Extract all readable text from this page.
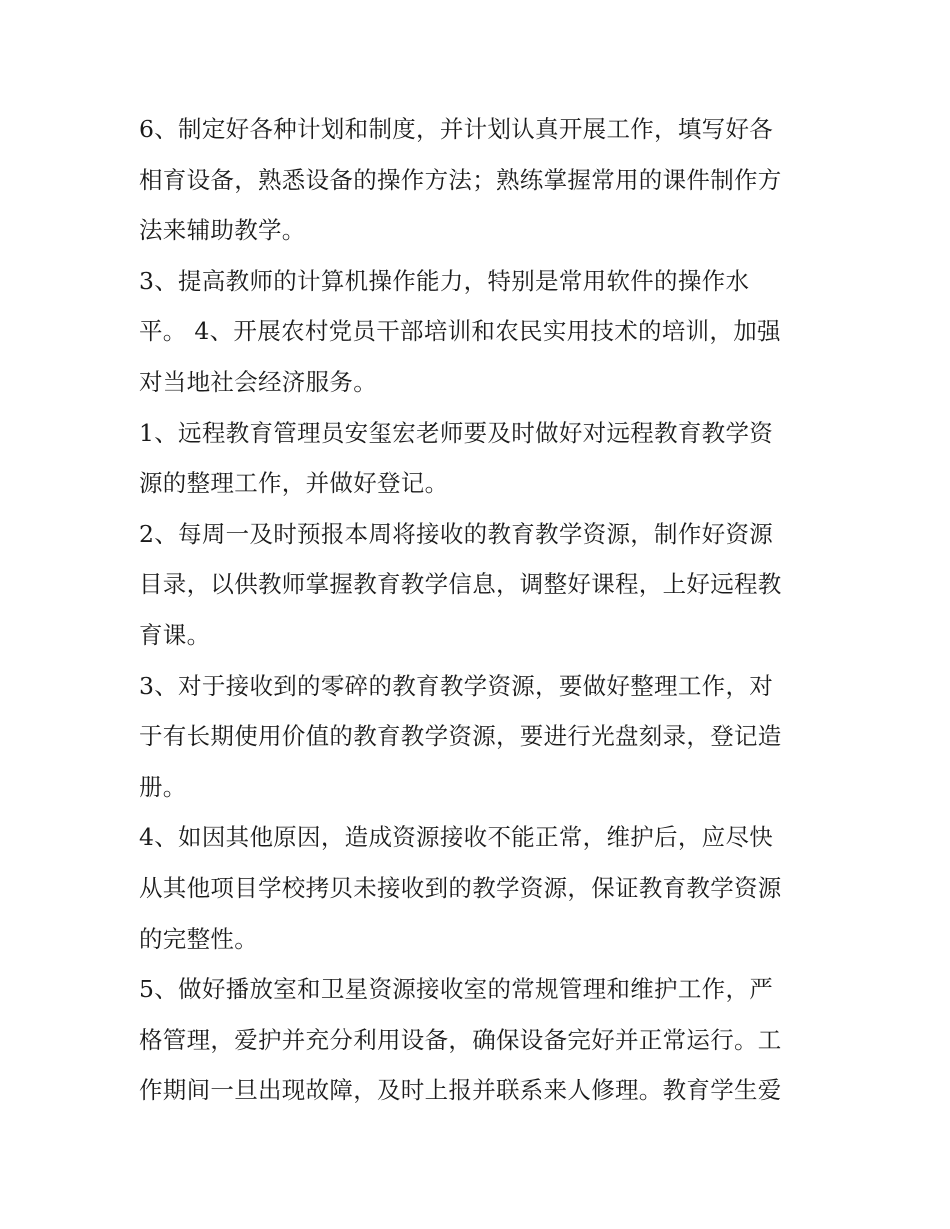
6、制定好各种计划和制度，并计划认真开展工作，填写好各
相育设备，熟悉设备的操作方法；熟练掌握常用的课件制作方
法来辅助教学。
3、提高教师的计算机操作能力，特别是常用软件的操作水
平。 4、开展农村党员干部培训和农民实用技术的培训，加强
对当地社会经济服务。
1、远程教育管理员安玺宏老师要及时做好对远程教育教学资
源的整理工作，并做好登记。
2、每周一及时预报本周将接收的教育教学资源，制作好资源
目录，以供教师掌握教育教学信息，调整好课程，上好远程教
育课。
3、对于接收到的零碎的教育教学资源，要做好整理工作，对
于有长期使用价值的教育教学资源，要进行光盘刻录，登记造
册。
4、如因其他原因，造成资源接收不能正常，维护后，应尽快
从其他项目学校拷贝未接收到的教学资源，保证教育教学资源
的完整性。
5、做好播放室和卫星资源接收室的常规管理和维护工作，严
格管理，爱护并充分利用设备，确保设备完好并正常运行。工
作期间一旦出现故障，及时上报并联系来人修理。教育学生爱
